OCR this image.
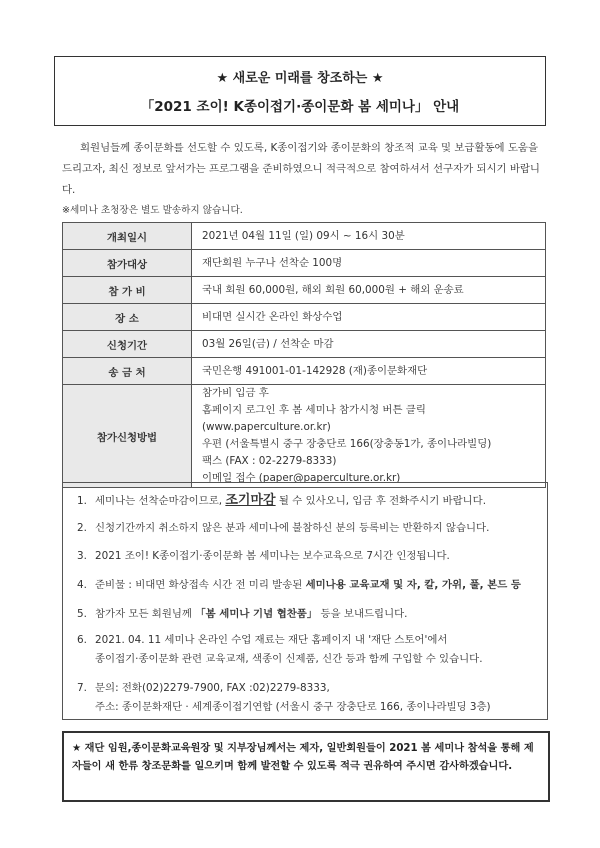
★ 새로운 미래를 창조하는 ★
「2021 조이! K종이접기·종이문화 봄 세미나」 안내
회원님들께 종이문화를 선도할 수 있도록, K종이접기와 종이문화의 창조적 교육 및 보급활동에 도움을 드리고자, 최신 정보로 앞서가는 프로그램을 준비하였으니 적극적으로 참여하셔서 선구자가 되시기 바랍니다.
※세미나 초청장은 별도 발송하지 않습니다.
개최일시	2021년 04월 11일 (일) 09시 ~ 16시 30분
참가대상	재단회원 누구나 선착순 100명
참 가 비	국내 회원 60,000원, 해외 회원 60,000원 + 해외 운송료
장 소	비대면 실시간 온라인 화상수업
신청기간	03월 26일(금) / 선착순 마감
송 금 처	국민은행 491001-01-142928 (재)종이문화재단
참가신청방법	참가비 입금 후
홈페이지 로그인 후 봄 세미나 참가시청 버튼 클릭 (www.paperculture.or.kr)
우편 (서울특별시 중구 장충단로 166(장충동1가, 종이나라빌딩)
팩스 (FAX : 02-2279-8333)
이메일 접수 (paper@paperculture.or.kr)
1. 세미나는 선착순마감이므로, 조기마감 될 수 있사오니, 입금 후 전화주시기 바랍니다.
2. 신청기간까지 취소하지 않은 분과 세미나에 불참하신 분의 등록비는 반환하지 않습니다.
3. 2021 조이! K종이접기·종이문화 봄 세미나는 보수교육으로 7시간 인정됩니다.
4. 준비물 : 비대면 화상접속 시간 전 미리 발송된 세미나용 교육교재 및 자, 칼, 가위, 풀, 본드 등
5. 참가자 모든 회원님께 「봄 세미나 기념 협찬품」 등을 보내드립니다.
6. 2021. 04. 11 세미나 온라인 수업 재료는 재단 홈페이지 내 '재단 스토어'에서
종이접기·종이문화 관련 교육교재, 색종이 신제품, 신간 등과 함께 구입할 수 있습니다.
7. 문의: 전화(02)2279-7900, FAX :02)2279-8333,
주소: 종이문화재단 · 세계종이접기연합 (서울시 중구 장충단로 166, 종이나라빌딩 3층)
★ 재단 임원,종이문화교육원장 및 지부장님께서는 제자, 일반회원들이 2021 봄 세미나 참석을 통해 제자들이 새 한류 창조문화를 일으키며 함께 발전할 수 있도록 적극 권유하여 주시면 감사하겠습니다.
